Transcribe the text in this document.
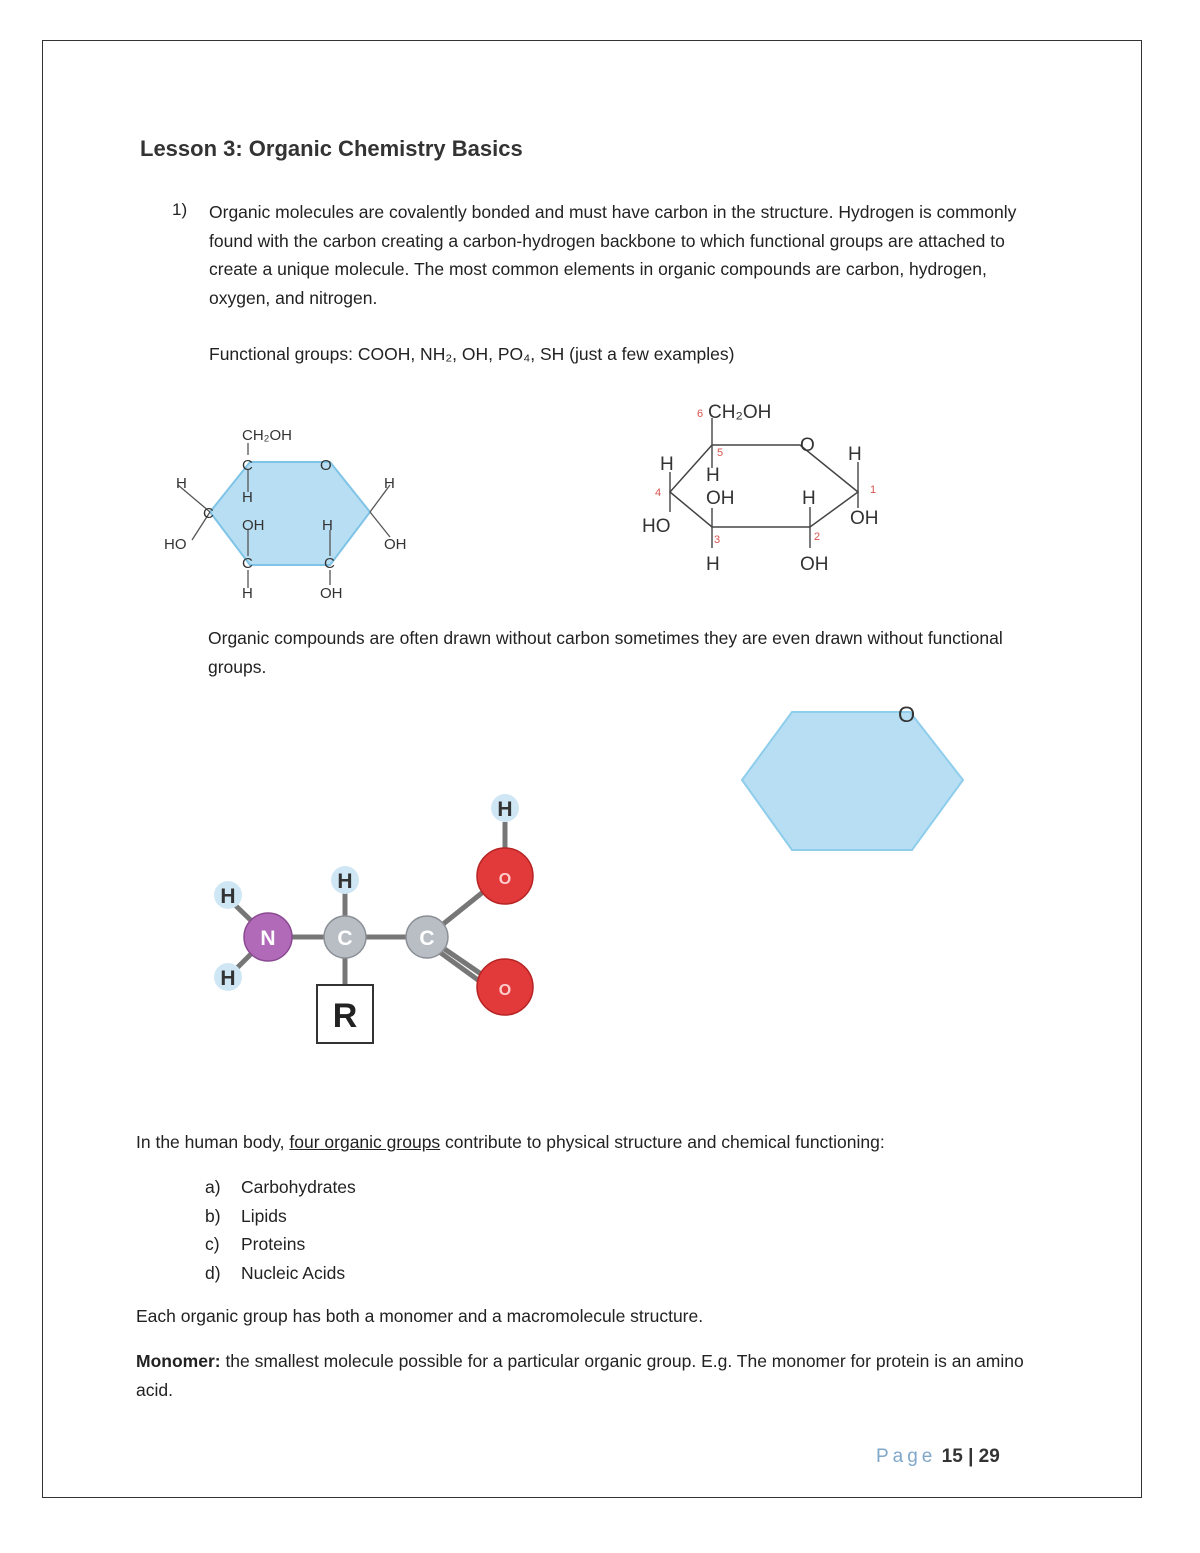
Lesson 3: Organic Chemistry Basics
1) Organic molecules are covalently bonded and must have carbon in the structure. Hydrogen is commonly found with the carbon creating a carbon-hydrogen backbone to which functional groups are attached to create a unique molecule. The most common elements in organic compounds are carbon, hydrogen, oxygen, and nitrogen.
Functional groups: COOH, NH₂, OH, PO₄, SH (just a few examples)
CH₂OH
C	O
H
H
C
H
HO
OH	H
OH
C	C
H	OH
CH₂OH
6
5	O H
H
H
4 OH	H	1
HO	OH
3	2
H	OH
Organic compounds are often drawn without carbon sometimes they are even drawn without functional groups.
O
H
N
H
H
C
R
C
H
O
O
In the human body, four organic groups contribute to physical structure and chemical functioning:
a)	Carbohydrates
b)	Lipids
c)	Proteins
d)	Nucleic Acids
Each organic group has both a monomer and a macromolecule structure.
Monomer: the smallest molecule possible for a particular organic group. E.g. The monomer for protein is an amino acid.
Page 15 | 29
